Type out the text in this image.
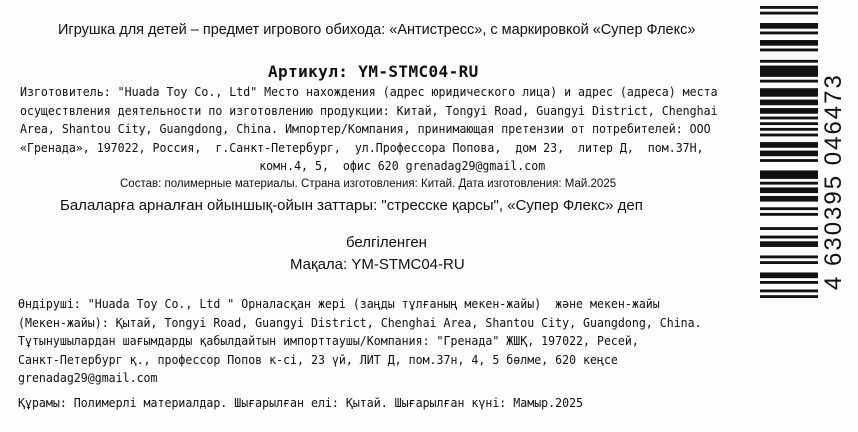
Игрушка для детей – предмет игрового обихода: «Антистресс», с маркировкой «Супер Флекс»

Артикул: YM-STMC04-RU

Изготовитель: "Huada Toy Co., Ltd" Место нахождения (адрес юридического лица) и адрес (адреса) места
осуществления деятельности по изготовлению продукции: Китай, Tongyi Road, Guangyi District, Chenghai
Area, Shantou City, Guangdong, China. Импортер/Компания, принимающая претензии от потребителей: ООО
«Гренада», 197022, Россия,  г.Санкт-Петербург,  ул.Профессора Попова,  дом 23,  литер Д,  пом.37Н,
комн.4, 5,  офис 620 grenadag29@gmail.com

Состав: полимерные материалы. Страна изготовления: Китай. Дата изготовления: Май.2025

Балаларға арналған ойыншық-ойын заттары: "стресске қарсы", «Супер Флекс» деп

белгіленген

Мақала: YM-STMC04-RU

Өндіруші: "Huada Toy Co., Ltd " Орналасқан жері (заңды тұлғаның мекен-жайы)  және мекен-жайы
(Мекен-жайы): Қытай, Tongyi Road, Guangyi District, Chenghai Area, Shantou City, Guangdong, China.
Тұтынушылардан шағымдарды қабылдайтын импорттаушы/Компания: "Гренада" ЖШҚ, 197022, Ресей,
Санкт-Петербург қ., профессор Попов к-сі, 23 үй, ЛИТ Д, пом.37н, 4, 5 бөлме, 620 кеңсе
grenadag29@gmail.com

Құрамы: Полимерлі материалдар. Шығарылған елі: Қытай. Шығарылған күні: Мамыр.2025

4 630395 046473
